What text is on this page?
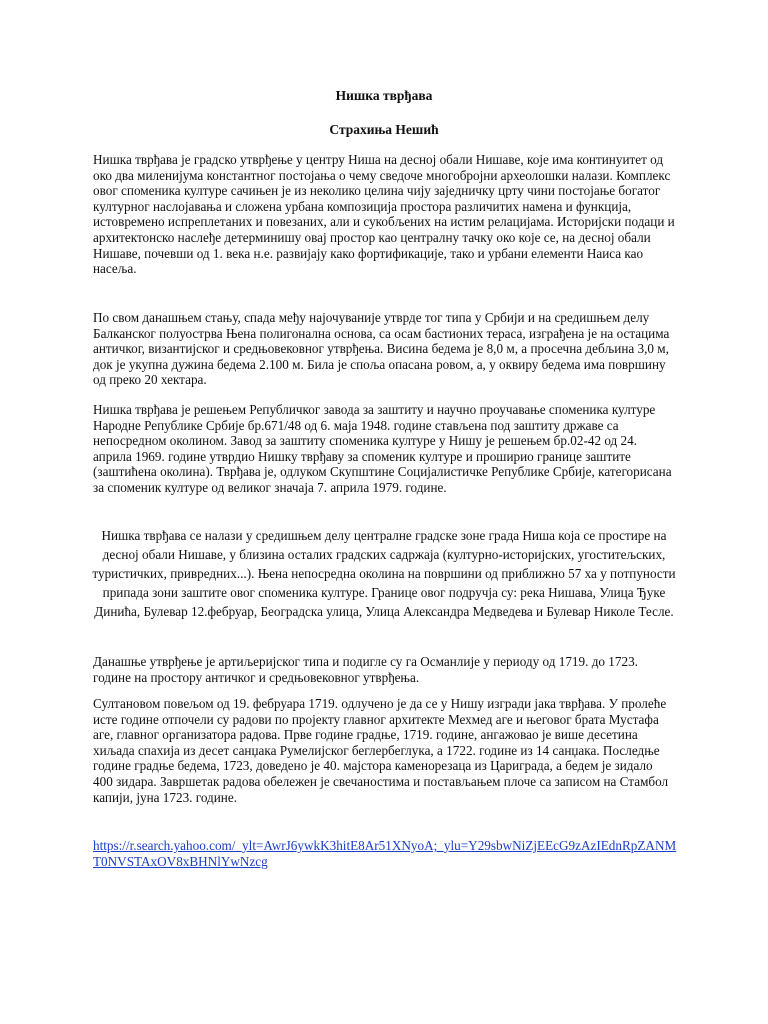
Нишка тврђава
Страхиња Нешић

Нишка тврђава је градско утврђење у центру Ниша на десној обали Нишаве, које има континуитет од око два миленијума константног постојања о чему сведоче многобројни археолошки налази. Комплекс овог споменика културе сачињен је из неколико целина чију заједничку црту чини постојање богатог културног наслојавања и сложена урбана композиција простора различитих намена и функција, истовремено испреплетаних и повезаних, али и сукобљених на истим релацијама. Историјски подаци и архитектонско наслеђе детерминишу овај простор као централну тачку око које се, на десној обали Нишаве, почевши од 1. века н.е. развијају како фортификације, тако и урбани елементи Наиса као насеља.

По свом данашњем стању, спада међу најочуваније утврде тог типа у Србији и на средишњем делу Балканског полуострва Њена полигонална основа, са осам бастионих тераса, изграђена је на остацима античког, византијског и средњовековног утврђења. Висина бедема је 8,0 м, а просечна дебљина 3,0 м, док је укупна дужина бедема 2.100 м. Била је споља опасана ровом, а, у оквиру бедема има површину од преко 20 хектара.

Нишка тврђава је решењем Републичког завода за заштиту и научно проучавање споменика културе Народне Републике Србије бр.671/48 од 6. маја 1948. године стављена под заштиту државе са непосредном околином. Завод за заштиту споменика културе у Нишу је решењем бр.02-42 од 24. априла 1969. године утврдио Нишку тврђаву за споменик културе и проширио границе заштите (заштићена околина). Тврђава је, одлуком Скупштине Социјалистичке Републике Србије, категорисана за споменик културе од великог значаја 7. априла 1979. године.

Нишка тврђава се налази у средишњем делу централне градске зоне града Ниша која се простире на десној обали Нишаве, у близина осталих градских садржаја (културно-историјских, угоститељских, туристичких, привредних...). Њена непосредна околина на површини од приближно 57 ха у потпуности припада зони заштите овог споменика културе. Границе овог подручја су: река Нишава, Улица Ђуке Динића, Булевар 12.фебруар, Београдска улица, Улица Александра Медведева и Булевар Николе Тесле.

Данашње утврђење је артиљеријског типа и подигле су га Османлије у периоду од 1719. до 1723. године на простору античког и средњовековног утврђења.

Султановом повељом од 19. фебруара 1719. одлучено је да се у Нишу изгради јака тврђава. У пролеће исте године отпочели су радови по пројекту главног архитекте Мехмед аге и његовог брата Мустафа аге, главног организатора радова. Прве године градње, 1719. године, ангажовао је више десетина хиљада спахија из десет санџака Румелијског беглербеглука, а 1722. године из 14 санџака. Последње године градње бедема, 1723, доведено је 40. мајстора каменорезаца из Цариграда, а бедем је зидало 400 зидара. Завршетак радова обележен је свечаностима и постављањем плоче са записом на Стамбол капији, јуна 1723. године.

https://r.search.yahoo.com/_ylt=AwrJ6ywkK3hitE8Ar51XNyoA;_ylu=Y29sbwNiZjEEcG9zAzIEdnRpZANMT0NVSTAxOV8xBHNlYwNzcg
